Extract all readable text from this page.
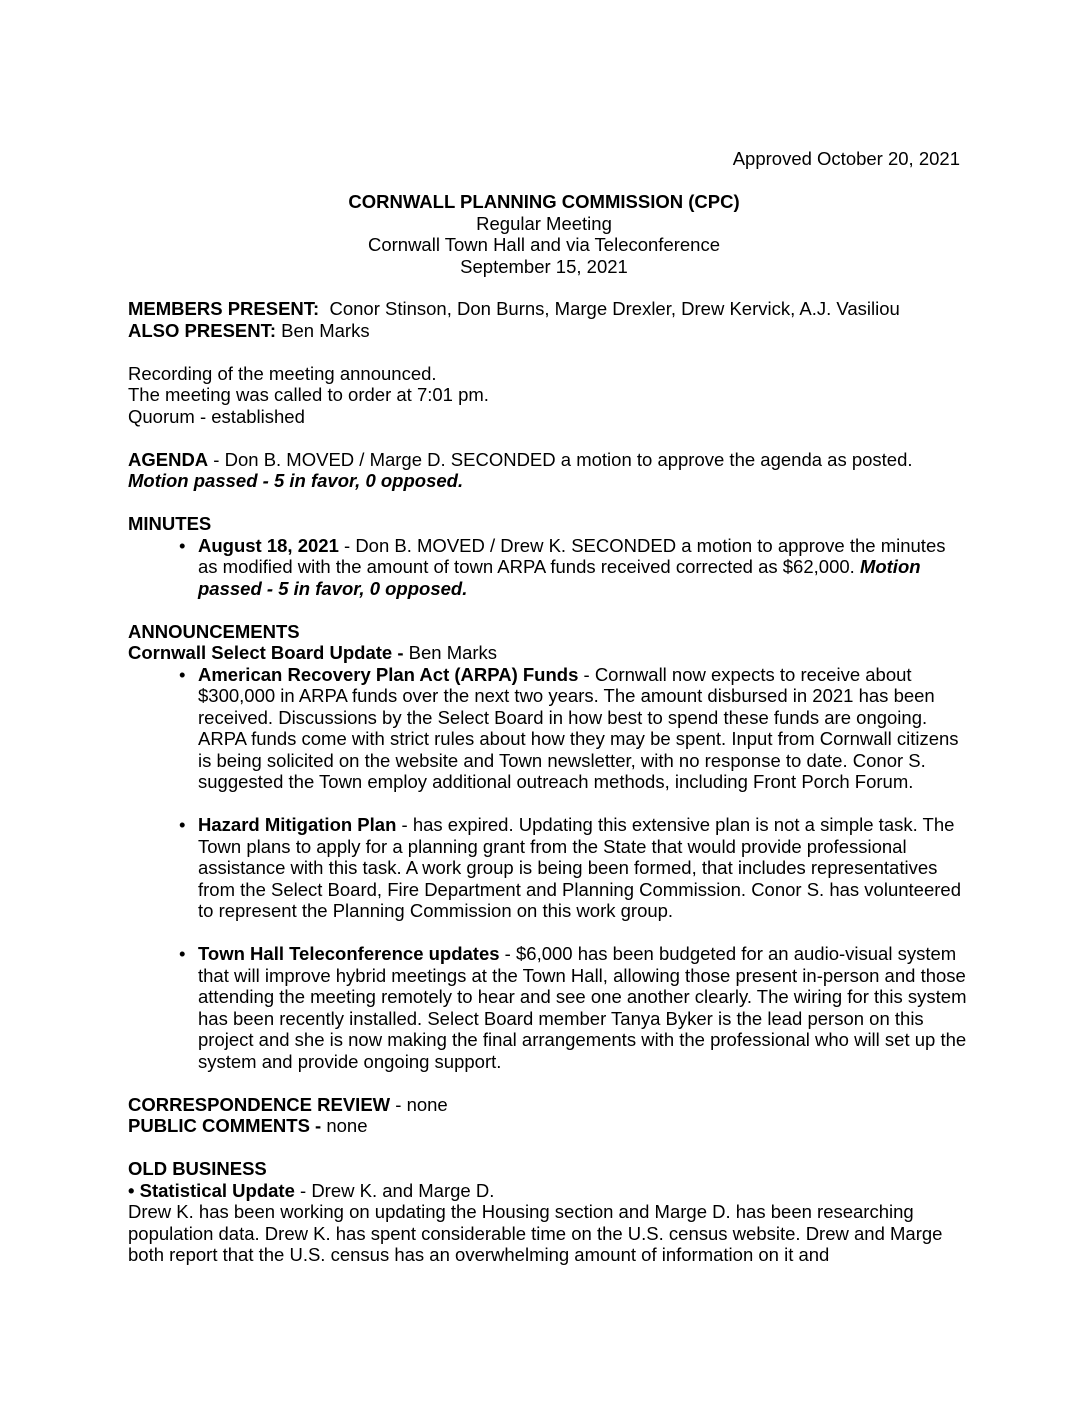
Approved October 20, 2021
CORNWALL PLANNING COMMISSION (CPC)
Regular Meeting
Cornwall Town Hall and via Teleconference
September 15, 2021
MEMBERS PRESENT: Conor Stinson, Don Burns, Marge Drexler, Drew Kervick, A.J. Vasiliou
ALSO PRESENT: Ben Marks
Recording of the meeting announced.
The meeting was called to order at 7:01 pm.
Quorum - established
AGENDA - Don B. MOVED / Marge D. SECONDED a motion to approve the agenda as posted.
Motion passed - 5 in favor, 0 opposed.
MINUTES
• August 18, 2021 - Don B. MOVED / Drew K. SECONDED a motion to approve the minutes as modified with the amount of town ARPA funds received corrected as $62,000. Motion passed - 5 in favor, 0 opposed.
ANNOUNCEMENTS
Cornwall Select Board Update - Ben Marks
• American Recovery Plan Act (ARPA) Funds - Cornwall now expects to receive about $300,000 in ARPA funds over the next two years. The amount disbursed in 2021 has been received. Discussions by the Select Board in how best to spend these funds are ongoing. ARPA funds come with strict rules about how they may be spent. Input from Cornwall citizens is being solicited on the website and Town newsletter, with no response to date. Conor S. suggested the Town employ additional outreach methods, including Front Porch Forum.
• Hazard Mitigation Plan - has expired. Updating this extensive plan is not a simple task. The Town plans to apply for a planning grant from the State that would provide professional assistance with this task. A work group is being been formed, that includes representatives from the Select Board, Fire Department and Planning Commission. Conor S. has volunteered to represent the Planning Commission on this work group.
• Town Hall Teleconference updates - $6,000 has been budgeted for an audio-visual system that will improve hybrid meetings at the Town Hall, allowing those present in-person and those attending the meeting remotely to hear and see one another clearly. The wiring for this system has been recently installed. Select Board member Tanya Byker is the lead person on this project and she is now making the final arrangements with the professional who will set up the system and provide ongoing support.
CORRESPONDENCE REVIEW - none
PUBLIC COMMENTS - none
OLD BUSINESS
• Statistical Update - Drew K. and Marge D.
Drew K. has been working on updating the Housing section and Marge D. has been researching population data. Drew K. has spent considerable time on the U.S. census website. Drew and Marge both report that the U.S. census has an overwhelming amount of information on it and
